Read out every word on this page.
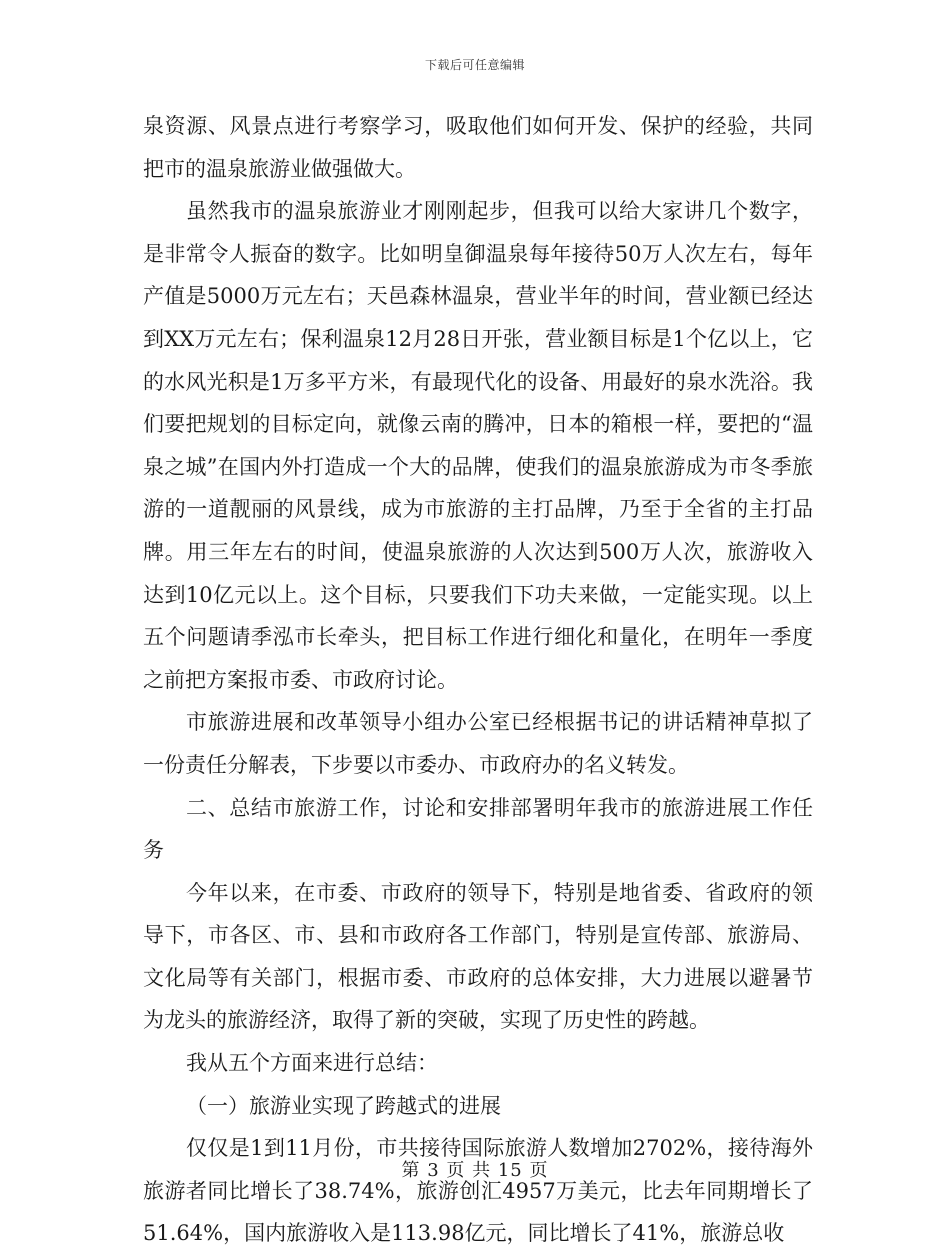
下载后可任意编辑

泉资源、风景点进行考察学习，吸取他们如何开发、保护的经验，共同把市的温泉旅游业做强做大。

虽然我市的温泉旅游业才刚刚起步，但我可以给大家讲几个数字，是非常令人振奋的数字。比如明皇御温泉每年接待50万人次左右，每年产值是5000万元左右；天邑森林温泉，营业半年的时间，营业额已经达到XX万元左右；保利温泉12月28日开张，营业额目标是1个亿以上，它的水风光积是1万多平方米，有最现代化的设备、用最好的泉水洗浴。我们要把规划的目标定向，就像云南的腾冲，日本的箱根一样，要把的“温泉之城”在国内外打造成一个大的品牌，使我们的温泉旅游成为市冬季旅游的一道靓丽的风景线，成为市旅游的主打品牌，乃至于全省的主打品牌。用三年左右的时间，使温泉旅游的人次达到500万人次，旅游收入达到10亿元以上。这个目标，只要我们下功夫来做，一定能实现。以上五个问题请季泓市长牵头，把目标工作进行细化和量化，在明年一季度之前把方案报市委、市政府讨论。

市旅游进展和改革领导小组办公室已经根据书记的讲话精神草拟了一份责任分解表，下步要以市委办、市政府办的名义转发。

二、总结市旅游工作，讨论和安排部署明年我市的旅游进展工作任务

今年以来，在市委、市政府的领导下，特别是地省委、省政府的领导下，市各区、市、县和市政府各工作部门，特别是宣传部、旅游局、文化局等有关部门，根据市委、市政府的总体安排，大力进展以避暑节为龙头的旅游经济，取得了新的突破，实现了历史性的跨越。

我从五个方面来进行总结：

（一）旅游业实现了跨越式的进展

仅仅是1到11月份，市共接待国际旅游人数增加2702%，接待海外旅游者同比增长了38.74%，旅游创汇4957万美元，比去年同期增长了51.64%，国内旅游收入是113.98亿元，同比增长了41%，旅游总收

第 3 页 共 15 页
